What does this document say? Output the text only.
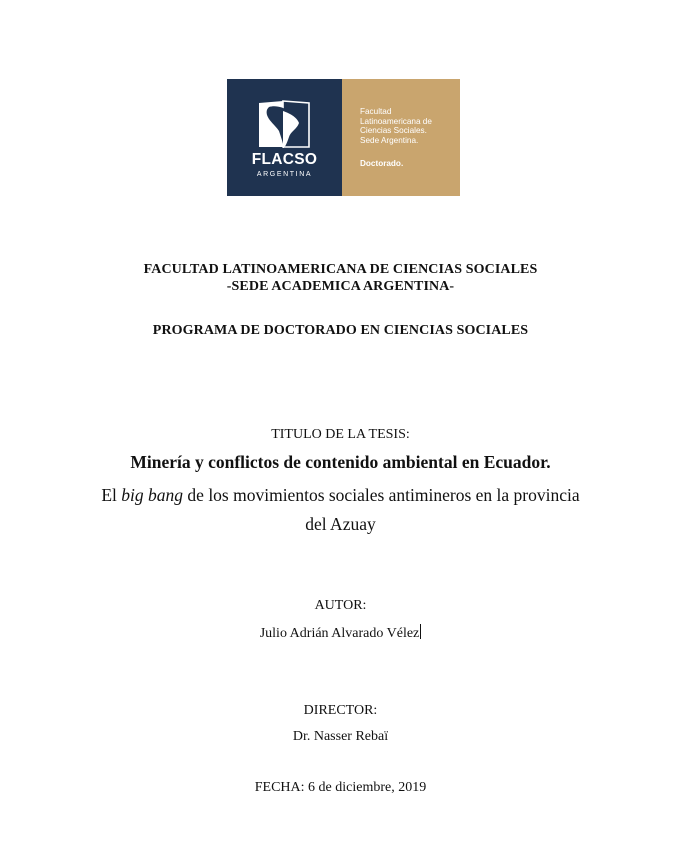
FLACSO
ARGENTINA
Facultad
Latinoamericana de
Ciencias Sociales.
Sede Argentina.
Doctorado.
FACULTAD LATINOAMERICANA DE CIENCIAS SOCIALES
-SEDE ACADEMICA ARGENTINA-
PROGRAMA DE DOCTORADO EN CIENCIAS SOCIALES
TITULO DE LA TESIS:
Minería y conflictos de contenido ambiental en Ecuador.
El big bang de los movimientos sociales antimineros en la provincia
del Azuay
AUTOR:
Julio Adrián Alvarado Vélez
DIRECTOR:
Dr. Nasser Rebaï
FECHA: 6 de diciembre, 2019
